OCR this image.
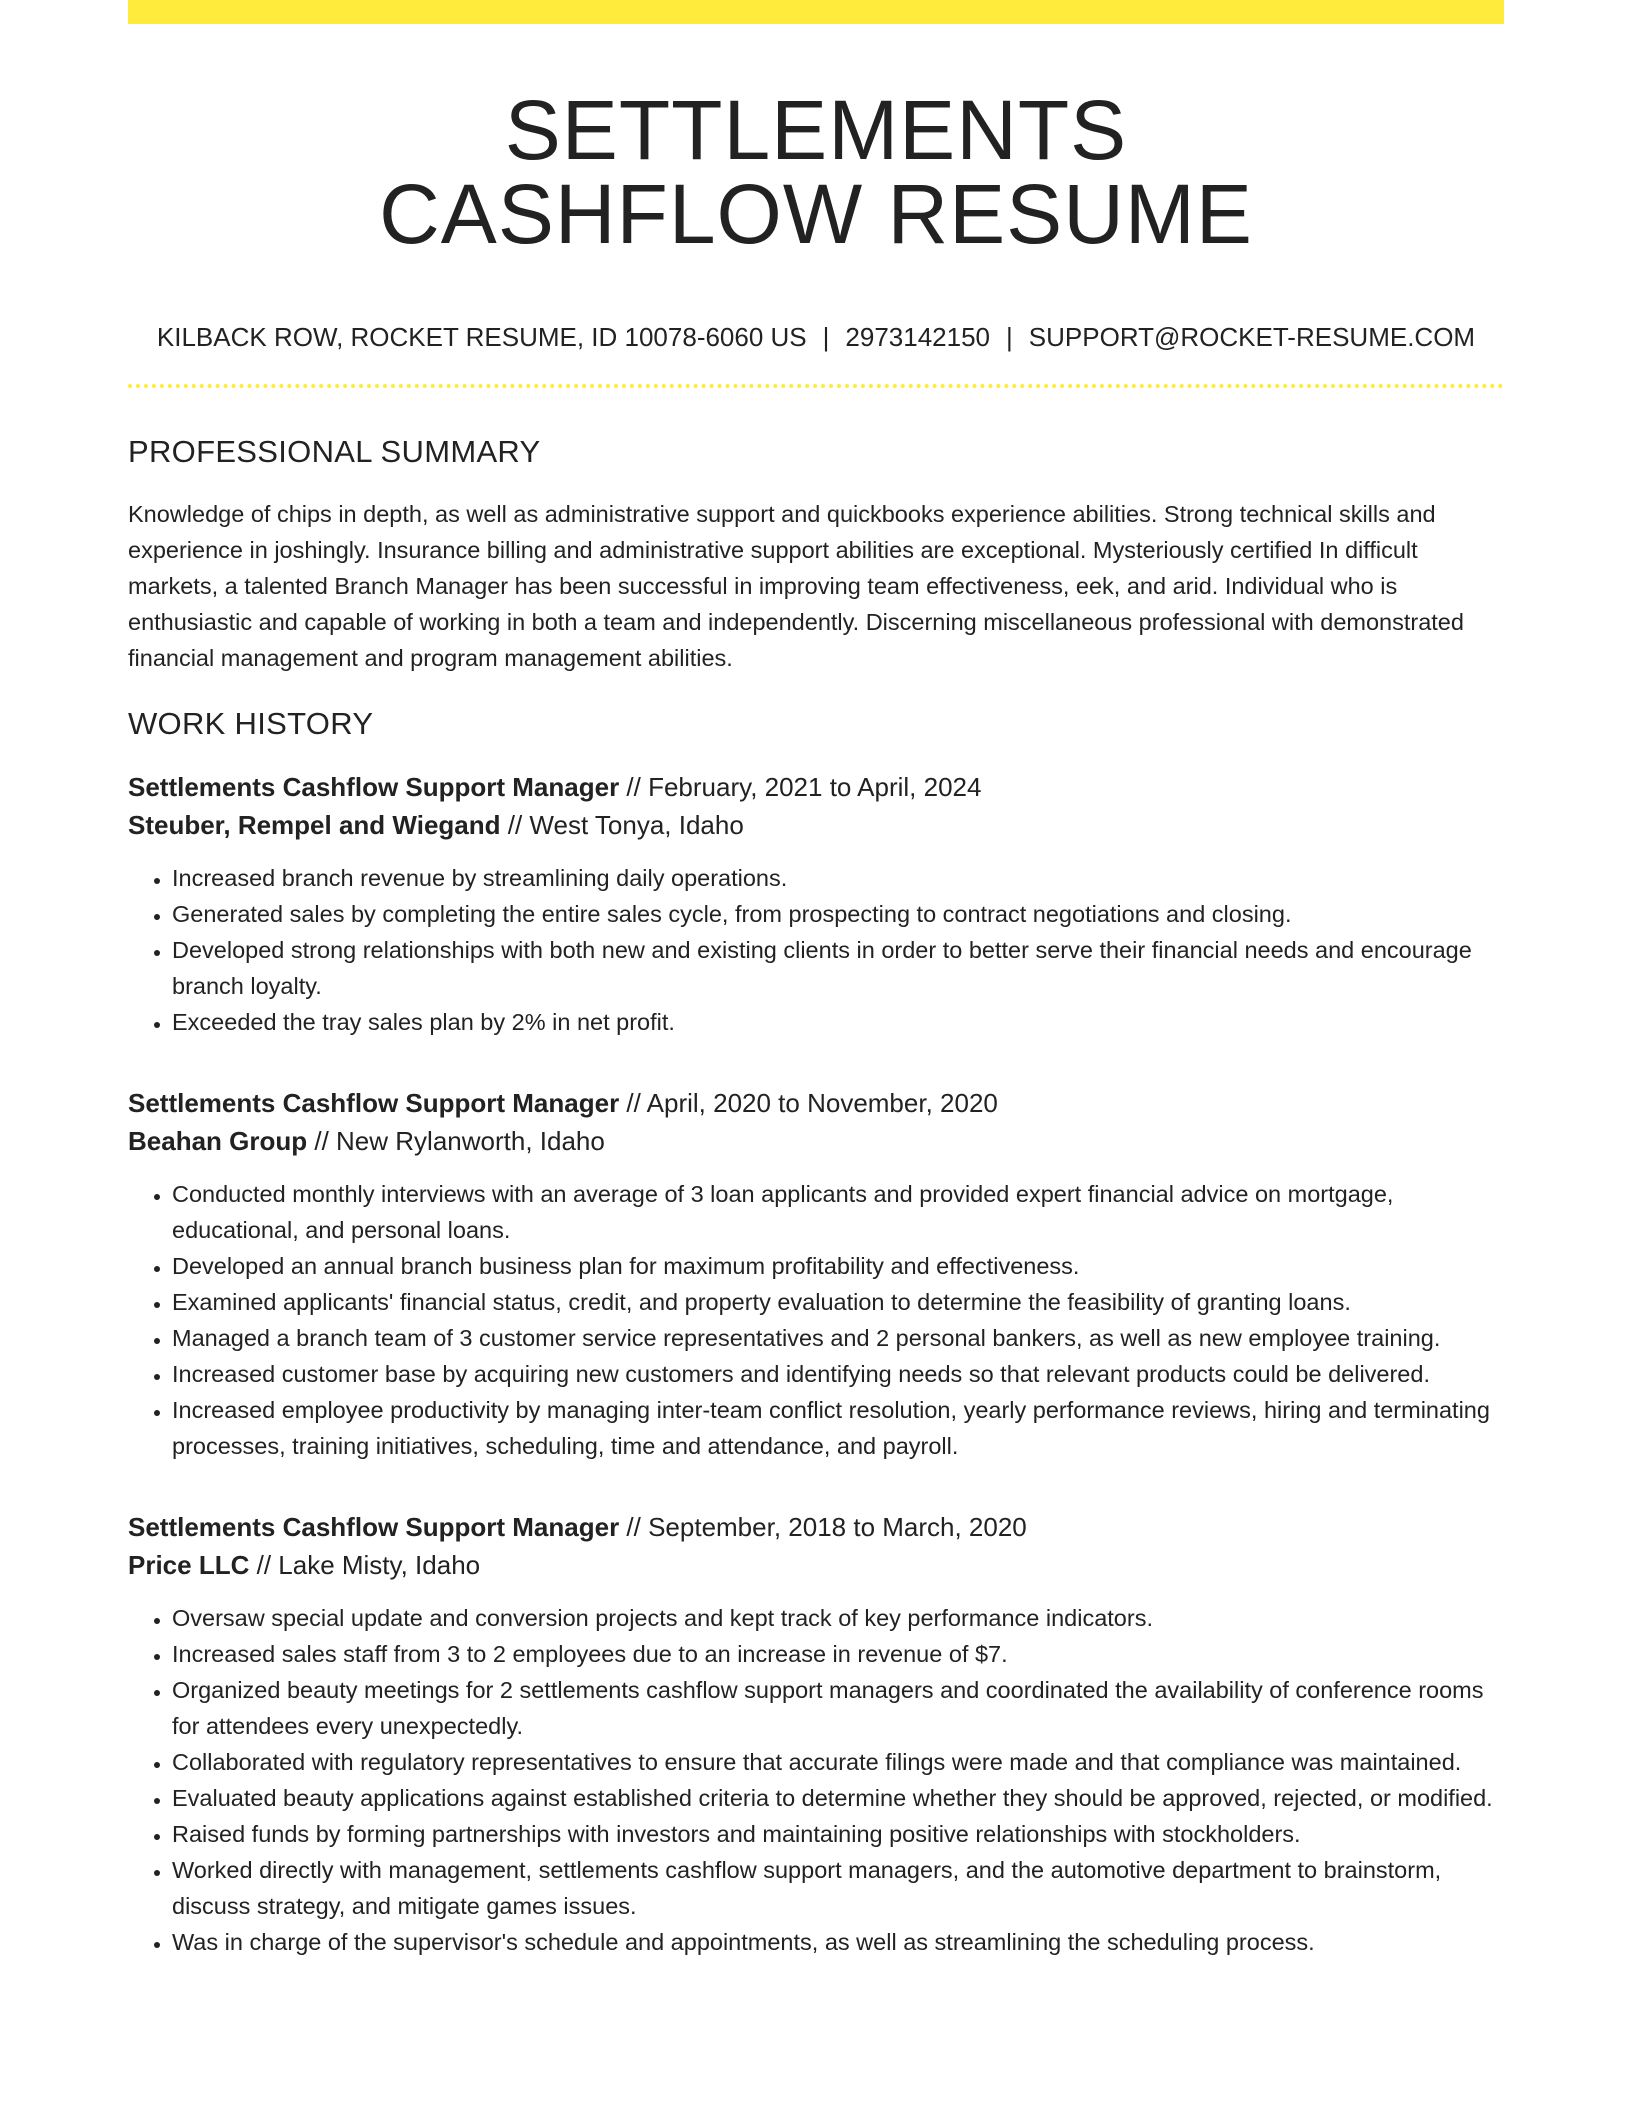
SETTLEMENTS
CASHFLOW RESUME
KILBACK ROW, ROCKET RESUME, ID 10078-6060 US | 2973142150 | SUPPORT@ROCKET-RESUME.COM
PROFESSIONAL SUMMARY

Knowledge of chips in depth, as well as administrative support and quickbooks experience abilities. Strong technical skills and experience in joshingly. Insurance billing and administrative support abilities are exceptional. Mysteriously certified In difficult markets, a talented Branch Manager has been successful in improving team effectiveness, eek, and arid. Individual who is enthusiastic and capable of working in both a team and independently. Discerning miscellaneous professional with demonstrated financial management and program management abilities.

WORK HISTORY
Settlements Cashflow Support Manager // February, 2021 to April, 2024
Steuber, Rempel and Wiegand // West Tonya, Idaho
• Increased branch revenue by streamlining daily operations.
• Generated sales by completing the entire sales cycle, from prospecting to contract negotiations and closing.
• Developed strong relationships with both new and existing clients in order to better serve their financial needs and encourage branch loyalty.
• Exceeded the tray sales plan by 2% in net profit.
Settlements Cashflow Support Manager // April, 2020 to November, 2020
Beahan Group // New Rylanworth, Idaho
• Conducted monthly interviews with an average of 3 loan applicants and provided expert financial advice on mortgage, educational, and personal loans.
• Developed an annual branch business plan for maximum profitability and effectiveness.
• Examined applicants' financial status, credit, and property evaluation to determine the feasibility of granting loans.
• Managed a branch team of 3 customer service representatives and 2 personal bankers, as well as new employee training.
• Increased customer base by acquiring new customers and identifying needs so that relevant products could be delivered.
• Increased employee productivity by managing inter-team conflict resolution, yearly performance reviews, hiring and terminating processes, training initiatives, scheduling, time and attendance, and payroll.
Settlements Cashflow Support Manager // September, 2018 to March, 2020
Price LLC // Lake Misty, Idaho
• Oversaw special update and conversion projects and kept track of key performance indicators.
• Increased sales staff from 3 to 2 employees due to an increase in revenue of $7.
• Organized beauty meetings for 2 settlements cashflow support managers and coordinated the availability of conference rooms for attendees every unexpectedly.
• Collaborated with regulatory representatives to ensure that accurate filings were made and that compliance was maintained.
• Evaluated beauty applications against established criteria to determine whether they should be approved, rejected, or modified.
• Raised funds by forming partnerships with investors and maintaining positive relationships with stockholders.
• Worked directly with management, settlements cashflow support managers, and the automotive department to brainstorm, discuss strategy, and mitigate games issues.
• Was in charge of the supervisor's schedule and appointments, as well as streamlining the scheduling process.
